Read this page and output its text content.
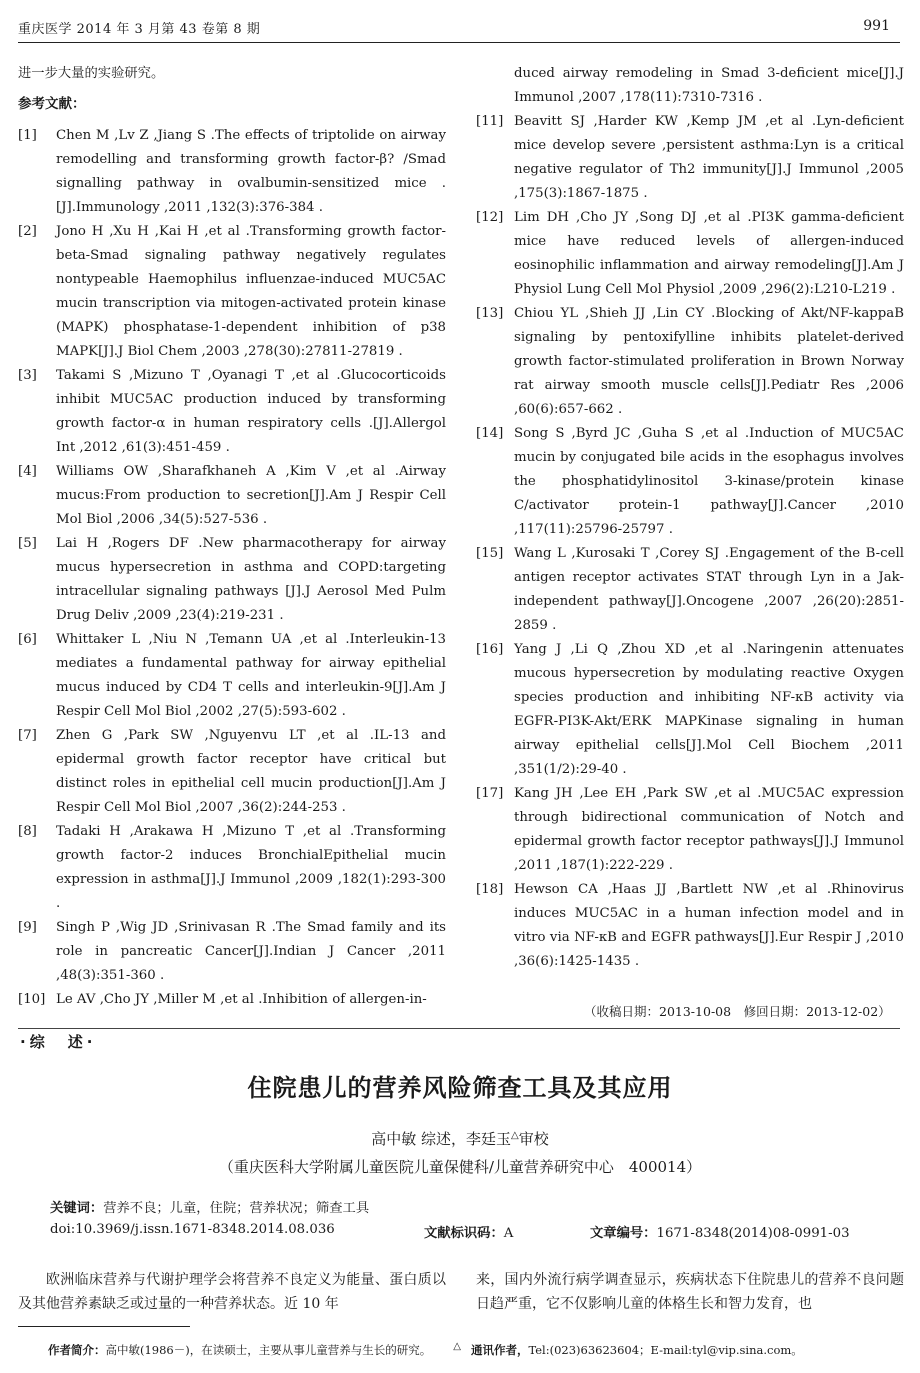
重庆医学 2014 年 3 月第 43 卷第 8 期	991

进一步大量的实验研究。

参考文献：

[1] Chen M ,Lv Z ,Jiang S .The effects of triptolide on airway remodelling and transforming growth factor-β? /Smad signalling pathway in ovalbumin-sensitized mice .[J].Immunology ,2011 ,132(3):376-384 .
[2] Jono H ,Xu H ,Kai H ,et al .Transforming growth factor-beta-Smad signaling pathway negatively regulates nontypeable Haemophilus influenzae-induced MUC5AC mucin transcription via mitogen-activated protein kinase (MAPK) phosphatase-1-dependent inhibition of p38 MAPK[J].J Biol Chem ,2003 ,278(30):27811-27819 .
[3] Takami S ,Mizuno T ,Oyanagi T ,et al .Glucocorticoids inhibit MUC5AC production induced by transforming growth factor-α in human respiratory cells .[J].Allergol Int ,2012 ,61(3):451-459 .
[4] Williams OW ,Sharafkhaneh A ,Kim V ,et al .Airway mucus:From production to secretion[J].Am J Respir Cell Mol Biol ,2006 ,34(5):527-536 .
[5] Lai H ,Rogers DF .New pharmacotherapy for airway mucus hypersecretion in asthma and COPD:targeting intracellular signaling pathways [J].J Aerosol Med Pulm Drug Deliv ,2009 ,23(4):219-231 .
[6] Whittaker L ,Niu N ,Temann UA ,et al .Interleukin-13 mediates a fundamental pathway for airway epithelial mucus induced by CD4 T cells and interleukin-9[J].Am J Respir Cell Mol Biol ,2002 ,27(5):593-602 .
[7] Zhen G ,Park SW ,Nguyenvu LT ,et al .IL-13 and epidermal growth factor receptor have critical but distinct roles in epithelial cell mucin production[J].Am J Respir Cell Mol Biol ,2007 ,36(2):244-253 .
[8] Tadaki H ,Arakawa H ,Mizuno T ,et al .Transforming growth factor-2 induces BronchialEpithelial mucin expression in asthma[J].J Immunol ,2009 ,182(1):293-300 .
[9] Singh P ,Wig JD ,Srinivasan R .The Smad family and its role in pancreatic Cancer[J].Indian J Cancer ,2011 ,48(3):351-360 .
[10] Le AV ,Cho JY ,Miller M ,et al .Inhibition of allergen-in-
duced airway remodeling in Smad 3-deficient mice[J].J Immunol ,2007 ,178(11):7310-7316 .
[11] Beavitt SJ ,Harder KW ,Kemp JM ,et al .Lyn-deficient mice develop severe ,persistent asthma:Lyn is a critical negative regulator of Th2 immunity[J].J Immunol ,2005 ,175(3):1867-1875 .
[12] Lim DH ,Cho JY ,Song DJ ,et al .PI3K gamma-deficient mice have reduced levels of allergen-induced eosinophilic inflammation and airway remodeling[J].Am J Physiol Lung Cell Mol Physiol ,2009 ,296(2):L210-L219 .
[13] Chiou YL ,Shieh JJ ,Lin CY .Blocking of Akt/NF-kappaB signaling by pentoxifylline inhibits platelet-derived growth factor-stimulated proliferation in Brown Norway rat airway smooth muscle cells[J].Pediatr Res ,2006 ,60(6):657-662 .
[14] Song S ,Byrd JC ,Guha S ,et al .Induction of MUC5AC mucin by conjugated bile acids in the esophagus involves the phosphatidylinositol 3-kinase/protein kinase C/activator protein-1 pathway[J].Cancer ,2010 ,117(11):25796-25797 .
[15] Wang L ,Kurosaki T ,Corey SJ .Engagement of the B-cell antigen receptor activates STAT through Lyn in a Jak-independent pathway[J].Oncogene ,2007 ,26(20):2851-2859 .
[16] Yang J ,Li Q ,Zhou XD ,et al .Naringenin attenuates mucous hypersecretion by modulating reactive Oxygen species production and inhibiting NF-κB activity via EGFR-PI3K-Akt/ERK MAPKinase signaling in human airway epithelial cells[J].Mol Cell Biochem ,2011 ,351(1/2):29-40 .
[17] Kang JH ,Lee EH ,Park SW ,et al .MUC5AC expression through bidirectional communication of Notch and epidermal growth factor receptor pathways[J].J Immunol ,2011 ,187(1):222-229 .
[18] Hewson CA ,Haas JJ ,Bartlett NW ,et al .Rhinovirus induces MUC5AC in a human infection model and in vitro via NF-κB and EGFR pathways[J].Eur Respir J ,2010 ,36(6):1425-1435 .
（收稿日期：2013-10-08　修回日期：2013-12-02）
·综　述·
住院患儿的营养风险筛查工具及其应用
高中敏 综述，李廷玉△审校
（重庆医科大学附属儿童医院儿童保健科/儿童营养研究中心　400014）
关键词：营养不良；儿童，住院；营养状况；筛查工具
doi:10.3969/j.issn.1671-8348.2014.08.036	文献标识码：A	文章编号：1671-8348(2014)08-0991-03
欧洲临床营养与代谢护理学会将营养不良定义为能量、蛋白质以及其他营养素缺乏或过量的一种营养状态。近 10 年
来，国内外流行病学调查显示，疾病状态下住院患儿的营养不良问题日趋严重，它不仅影响儿童的体格生长和智力发育，也
作者简介：高中敏(1986－)，在读硕士，主要从事儿童营养与生长的研究。 △ 通讯作者，Tel:(023)63623604；E-mail:tyl@vip.sina.com。
